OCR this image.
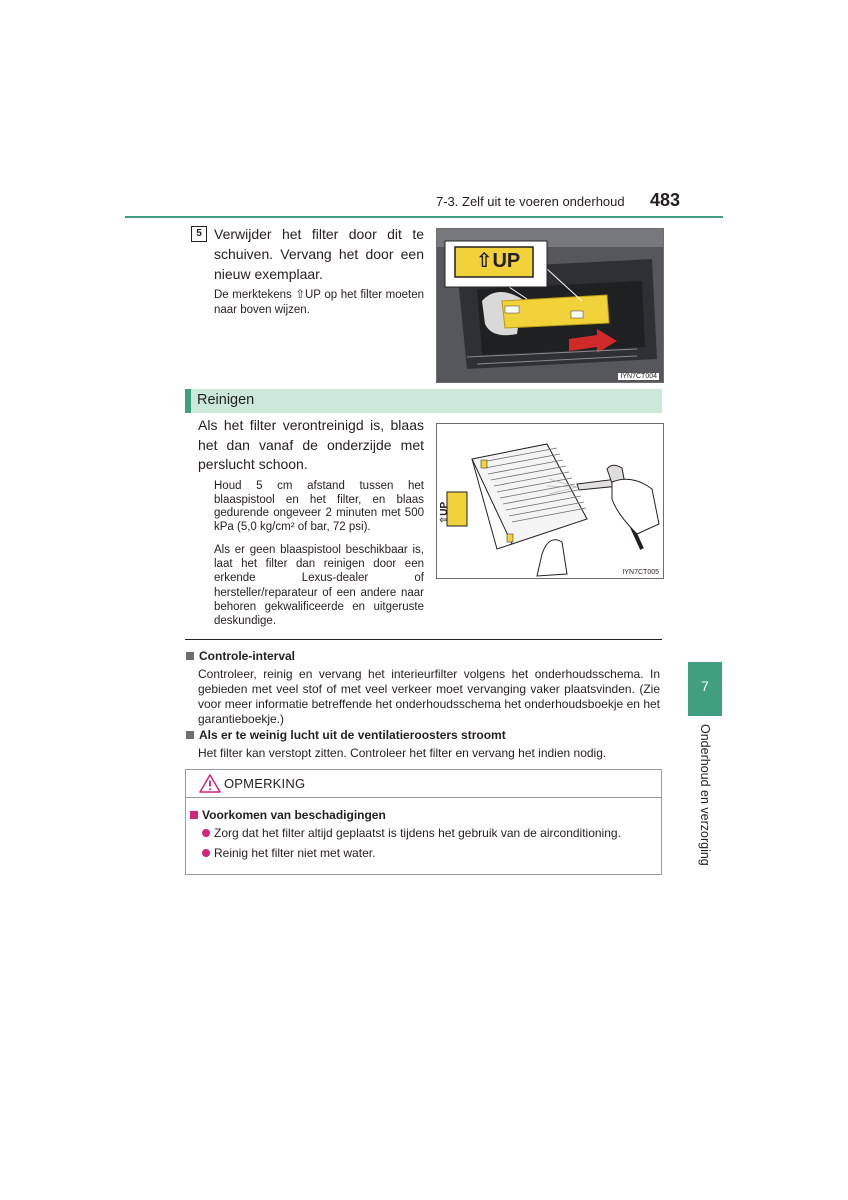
7-3. Zelf uit te voeren onderhoud 483
5 Verwijder het filter door dit te schuiven. Vervang het door een nieuw exemplaar.
De merktekens ⇧UP op het filter moeten naar boven wijzen.
⇧UP
IYN7CT004
Reinigen
Als het filter verontreinigd is, blaas het dan vanaf de onderzijde met perslucht schoon.
Houd 5 cm afstand tussen het blaaspistool en het filter, en blaas gedurende ongeveer 2 minuten met 500 kPa (5,0 kg/cm² of bar, 72 psi).
Als er geen blaaspistool beschikbaar is, laat het filter dan reinigen door een erkende Lexus-dealer of hersteller/reparateur of een andere naar behoren gekwalificeerde en uitgeruste deskundige.
⇧UP
IYN7CT005
Controle-interval
Controleer, reinig en vervang het interieurfilter volgens het onderhoudsschema. In gebieden met veel stof of met veel verkeer moet vervanging vaker plaatsvinden. (Zie voor meer informatie betreffende het onderhoudsschema het onderhoudsboekje en het garantieboekje.)
Als er te weinig lucht uit de ventilatieroosters stroomt
Het filter kan verstopt zitten. Controleer het filter en vervang het indien nodig.
OPMERKING
Voorkomen van beschadigingen
Zorg dat het filter altijd geplaatst is tijdens het gebruik van de airconditioning.
Reinig het filter niet met water.
7
Onderhoud en verzorging
